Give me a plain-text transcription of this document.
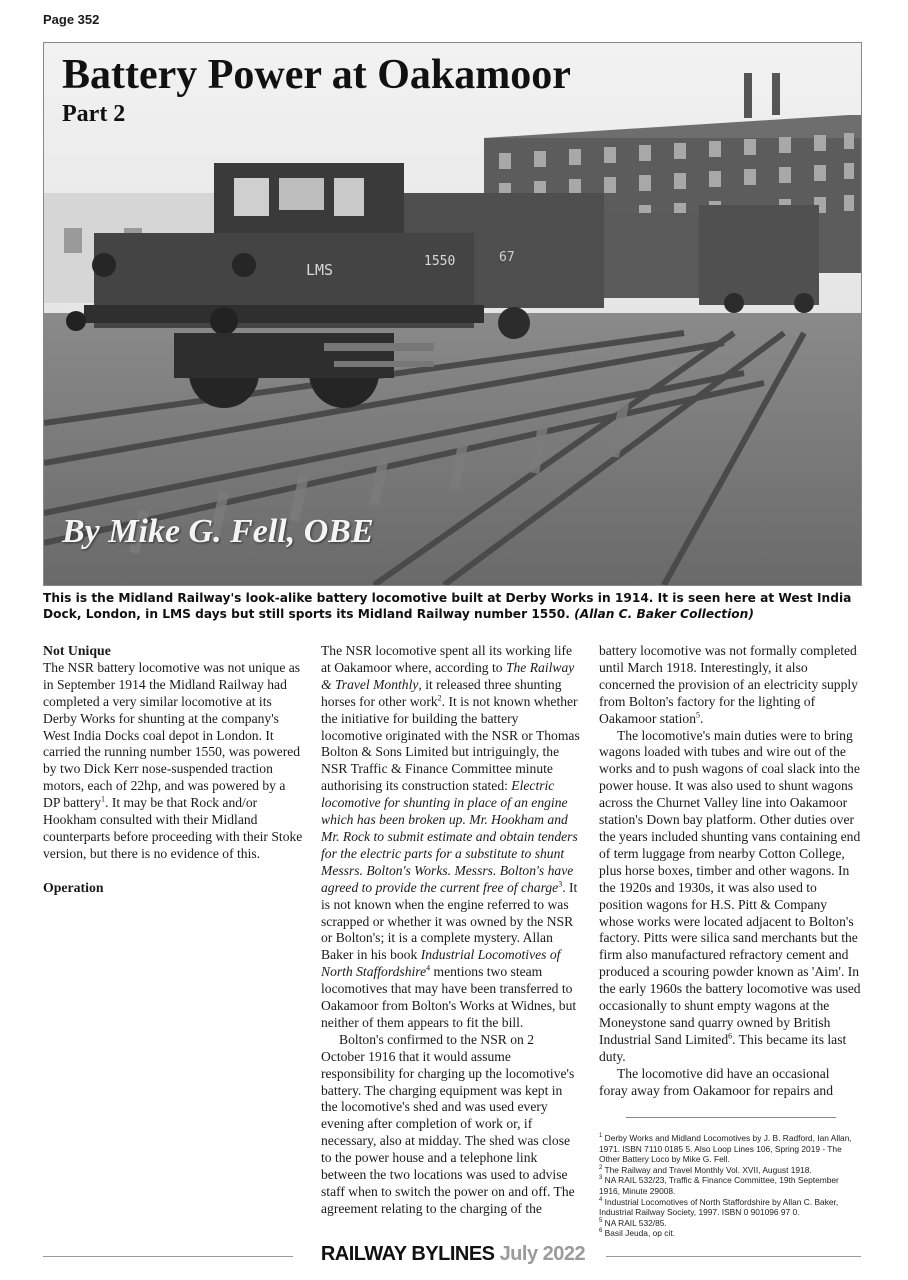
Page 352
LMS	1550	67
Battery Power at Oakamoor
Part 2
By Mike G. Fell, OBE
This is the Midland Railway's look-alike battery locomotive built at Derby Works in 1914. It is seen here at West India Dock, London, in LMS days but still sports its Midland Railway number 1550. (Allan C. Baker Collection)
Not Unique

The NSR battery locomotive was not unique as in September 1914 the Midland Railway had completed a very similar locomotive at its Derby Works for shunting at the company's West India Docks coal depot in London. It carried the running number 1550, was powered by two Dick Kerr nose-suspended traction motors, each of 22hp, and was powered by a DP battery$^1$. It may be that Rock and/or Hookham consulted with their Midland counterparts before proceeding with their Stoke version, but there is no evidence of this.

Operation

The NSR locomotive spent all its working life at Oakamoor where, according to The Railway & Travel Monthly, it released three shunting horses for other work$^2$. It is not known whether the initiative for building the battery locomotive originated with the NSR or Thomas Bolton & Sons Limited but intriguingly, the NSR Traffic & Finance Committee minute authorising its construction stated: Electric locomotive for shunting in place of an engine which has been broken up. Mr. Hookham and Mr. Rock to submit estimate and obtain tenders for the electric parts for a substitute to shunt Messrs. Bolton's Works. Messrs. Bolton's have agreed to provide the current free of charge$^3$. It is not known when the engine referred to was scrapped or whether it was owned by the NSR or Bolton's; it is a complete mystery. Allan Baker in his book Industrial Locomotives of North Staffordshire$^4$ mentions two steam locomotives that may have been transferred to Oakamoor from Bolton's Works at Widnes, but neither of them appears to fit the bill.

Bolton's confirmed to the NSR on 2 October 1916 that it would assume responsibility for charging up the locomotive's battery. The charging equipment was kept in the locomotive's shed and was used every evening after completion of work or, if necessary, also at midday. The shed was close to the power house and a telephone link between the two locations was used to advise staff when to switch the power on and off. The agreement relating to the charging of the

battery locomotive was not formally completed until March 1918. Interestingly, it also concerned the provision of an electricity supply from Bolton's factory for the lighting of Oakamoor station$^5$.

The locomotive's main duties were to bring wagons loaded with tubes and wire out of the works and to push wagons of coal slack into the power house. It was also used to shunt wagons across the Churnet Valley line into Oakamoor station's Down bay platform. Other duties over the years included shunting vans containing end of term luggage from nearby Cotton College, plus horse boxes, timber and other wagons. In the 1920s and 1930s, it was also used to position wagons for H.S. Pitt & Company whose works were located adjacent to Bolton's factory. Pitts were silica sand merchants but the firm also manufactured refractory cement and produced a scouring powder known as 'Aim'. In the early 1960s the battery locomotive was used occasionally to shunt empty wagons at the Moneystone sand quarry owned by British Industrial Sand Limited$^6$. This became its last duty.

The locomotive did have an occasional foray away from Oakamoor for repairs and

$^1$ Derby Works and Midland Locomotives by J. B. Radford, Ian Allan, 1971. ISBN 7110 0185 5. Also Loop Lines 106, Spring 2019 - The Other Battery Loco by Mike G. Fell.

$^2$ The Railway and Travel Monthly Vol. XVII, August 1918.

$^3$ NA RAIL 532/23, Traffic & Finance Committee, 19th September 1916, Minute 29008.

$^4$ Industrial Locomotives of North Staffordshire by Allan C. Baker, Industrial Railway Society, 1997. ISBN 0 901096 97 0.

$^5$ NA RAIL 532/85.

$^6$ Basil Jeuda, op cit.

RAILWAY BYLINES July 2022
